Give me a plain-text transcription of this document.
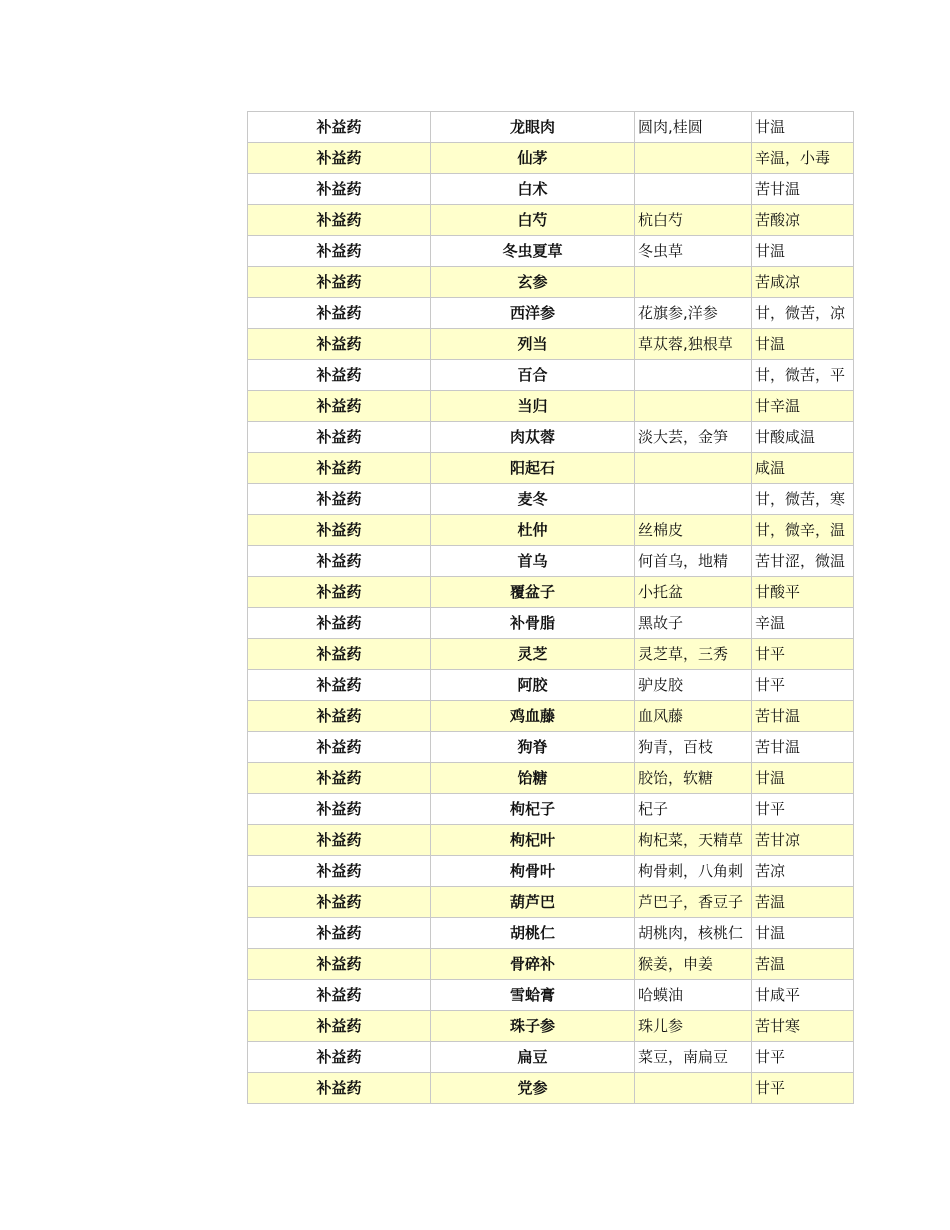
补益药	龙眼肉	圆肉,桂圆	甘温
补益药	仙茅		辛温，小毒
补益药	白术		苦甘温
补益药	白芍	杭白芍	苦酸凉
补益药	冬虫夏草	冬虫草	甘温
补益药	玄参		苦咸凉
补益药	西洋参	花旗参,洋参	甘，微苦，凉
补益药	列当	草苁蓉,独根草	甘温
补益药	百合		甘，微苦，平
补益药	当归		甘辛温
补益药	肉苁蓉	淡大芸，金笋	甘酸咸温
补益药	阳起石		咸温
补益药	麦冬		甘，微苦，寒
补益药	杜仲	丝棉皮	甘，微辛，温
补益药	首乌	何首乌，地精	苦甘涩，微温
补益药	覆盆子	小托盆	甘酸平
补益药	补骨脂	黑故子	辛温
补益药	灵芝	灵芝草，三秀	甘平
补益药	阿胶	驴皮胶	甘平
补益药	鸡血藤	血风藤	苦甘温
补益药	狗脊	狗青，百枝	苦甘温
补益药	饴糖	胶饴，软糖	甘温
补益药	枸杞子	杞子	甘平
补益药	枸杞叶	枸杞菜，天精草	苦甘凉
补益药	枸骨叶	枸骨刺，八角刺	苦凉
补益药	葫芦巴	芦巴子，香豆子	苦温
补益药	胡桃仁	胡桃肉，核桃仁	甘温
补益药	骨碎补	猴姜，申姜	苦温
补益药	雪蛤膏	哈蟆油	甘咸平
补益药	珠子参	珠儿参	苦甘寒
补益药	扁豆	菜豆，南扁豆	甘平
补益药	党参		甘平
